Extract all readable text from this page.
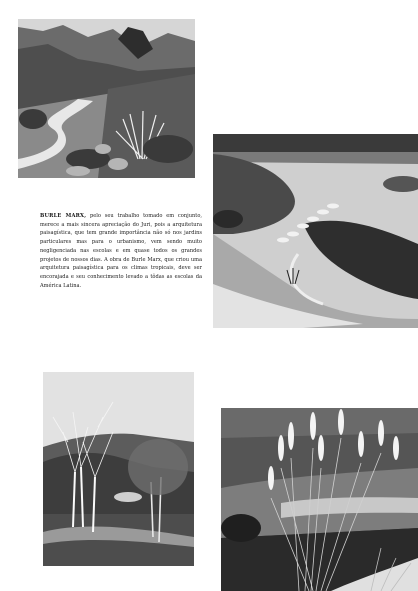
BURLE MARX, pelo seu trabalho tomado em conjunto, merece a mais sincera apreciação do Juri, pois a arquitetura paisagística, que tem grande importância não só nos jardins particulares mas para o urbanismo, vem sendo muito negligenciada nas escolas e em quase todos os grandes projetos de nossos dias. A obra de Burle Marx, que criou uma arquitetura paisagística para os climas tropicais, deve ser encorajada e seu conhecimento levado a tôdas as escolas da América Latina.
